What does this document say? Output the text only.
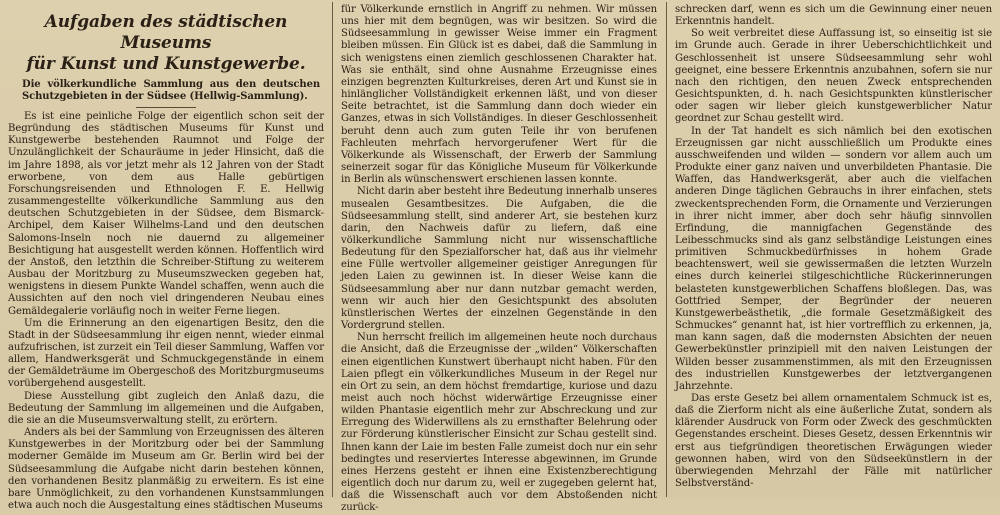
Aufgaben des städtischen Museums
für Kunst und Kunstgewerbe.
Die völkerkundliche Sammlung aus den deutschen Schutzgebieten in der Südsee (Hellwig-Sammlung).

Es ist eine peinliche Folge der eigentlich schon seit der Begründung des städtischen Museums für Kunst und Kunstgewerbe bestehenden Raumnot und Folge der Unzulänglichkeit der Schauräume in jeder Hinsicht, daß die im Jahre 1898, als vor jetzt mehr als 12 Jahren von der Stadt erworbene, von dem aus Halle gebürtigen Forschungsreisenden und Ethnologen F. E. Hellwig zusammengestellte völkerkundliche Sammlung aus den deutschen Schutzgebieten in der Südsee, dem Bismarck-Archipel, dem Kaiser Wilhelms-Land und den deutschen Salomons-Inseln noch nie dauernd zu allgemeiner Besichtigung hat ausgestellt werden können. Hoffentlich wird der Anstoß, den letzthin die Schreiber-Stiftung zu weiterem Ausbau der Moritzburg zu Museumszwecken gegeben hat, wenigstens in diesem Punkte Wandel schaffen, wenn auch die Aussichten auf den noch viel dringenderen Neubau eines Gemäldegalerie vorläufig noch in weiter Ferne liegen.

Um die Erinnerung an den eigenartigen Besitz, den die Stadt in der Südseesammlung ihr eigen nennt, wieder einmal aufzufrischen, ist zurzeit ein Teil dieser Sammlung, Waffen vor allem, Handwerksgerät und Schmuckgegenstände in einem der Gemäldeträume im Obergeschoß des Moritzburgmuseums vorübergehend ausgestellt.

Diese Ausstellung gibt zugleich den Anlaß dazu, die Bedeutung der Sammlung im allgemeinen und die Aufgaben, die sie an die Museumsverwaltung stellt, zu erörtern.

Anders als bei der Sammlung von Erzeugnissen des älteren Kunstgewerbes in der Moritzburg oder bei der Sammlung moderner Gemälde im Museum am Gr. Berlin wird bei der Südseesammlung die Aufgabe nicht darin bestehen können, den vorhandenen Besitz planmäßig zu erweitern. Es ist eine bare Unmöglichkeit, zu den vorhandenen Kunstsammlungen etwa auch noch die Ausgestaltung eines städtischen Museums

für Völkerkunde ernstlich in Angriff zu nehmen. Wir müssen uns hier mit dem begnügen, was wir besitzen. So wird die Südseesammlung in gewisser Weise immer ein Fragment bleiben müssen. Ein Glück ist es dabei, daß die Sammlung in sich wenigstens einen ziemlich geschlossenen Charakter hat. Was sie enthält, sind ohne Ausnahme Erzeugnisse eines einzigen begrenzten Kulturkreises, deren Art und Kunst sie in hinlänglicher Vollständigkeit erkennen läßt, und von dieser Seite betrachtet, ist die Sammlung dann doch wieder ein Ganzes, etwas in sich Vollständiges. In dieser Geschlossenheit beruht denn auch zum guten Teile ihr von berufenen Fachleuten mehrfach hervorgerufener Wert für die Völkerkunde als Wissenschaft, der Erwerb der Sammlung seinerzeit sogar für das Königliche Museum für Völkerkunde in Berlin als wünschenswert erschienen lassen konnte.

Nicht darin aber besteht ihre Bedeutung innerhalb unseres musealen Gesamtbesitzes. Die Aufgaben, die die Südseesammlung stellt, sind anderer Art, sie bestehen kurz darin, den Nachweis dafür zu liefern, daß eine völkerkundliche Sammlung nicht nur wissenschaftliche Bedeutung für den Spezialforscher hat, daß aus ihr vielmehr eine Fülle wertvoller allgemeiner geistiger Anregungen für jeden Laien zu gewinnen ist. In dieser Weise kann die Südseesammlung aber nur dann nutzbar gemacht werden, wenn wir auch hier den Gesichtspunkt des absoluten künstlerischen Wertes der einzelnen Gegenstände in den Vordergrund stellen.

Nun herrscht freilich im allgemeinen heute noch durchaus die Ansicht, daß die Erzeugnisse der „wilden“ Völkerschaften einen eigentlichen Kunstwert überhaupt nicht haben. Für den Laien pflegt ein völkerkundliches Museum in der Regel nur ein Ort zu sein, an dem höchst fremdartige, kuriose und dazu meist auch noch höchst widerwärtige Erzeugnisse einer wilden Phantasie eigentlich mehr zur Abschreckung und zur Erregung des Widerwillens als zu ernsthafter Belehrung oder zur Förderung künstlerischer Einsicht zur Schau gestellt sind. Ihnen kann der Laie im besten Falle zumeist doch nur ein sehr bedingtes und reserviertes Interesse abgewinnen, im Grunde eines Herzens gesteht er ihnen eine Existenzberechtigung eigentlich doch nur darum zu, weil er zugegeben gelernt hat, daß die Wissenschaft auch vor dem Abstoßenden nicht zurück-

schrecken darf, wenn es sich um die Gewinnung einer neuen Erkenntnis handelt.

So weit verbreitet diese Auffassung ist, so einseitig ist sie im Grunde auch. Gerade in ihrer Ueberschichtlichkeit und Geschlossenheit ist unsere Südseesammlung sehr wohl geeignet, eine bessere Erkenntnis anzubahnen, sofern sie nur nach den richtigen, den neuen Zweck entsprechenden Gesichtspunkten, d. h. nach Gesichtspunkten künstlerischer oder sagen wir lieber gleich kunstgewerblicher Natur geordnet zur Schau gestellt wird.

In der Tat handelt es sich nämlich bei den exotischen Erzeugnissen gar nicht ausschließlich um Produkte eines ausschweifenden und wilden — sondern vor allem auch um Produkte einer ganz naiven und unverbildeten Phantasie. Die Waffen, das Handwerksgerät, aber auch die vielfachen anderen Dinge täglichen Gebrauchs in ihrer einfachen, stets zweckentsprechenden Form, die Ornamente und Verzierungen in ihrer nicht immer, aber doch sehr häufig sinnvollen Erfindung, die mannigfachen Gegenstände des Leibesschmucks sind als ganz selbständige Leistungen eines primitiven Schmuckbedürfnisses in hohem Grade beachtenswert, weil sie gewissermaßen die letzten Wurzeln eines durch keinerlei stilgeschichtliche Rückerinnerungen belasteten kunstgewerblichen Schaffens bloßlegen. Das, was Gottfried Semper, der Begründer der neueren Kunstgewerbeästhetik, „die formale Gesetzmäßigkeit des Schmuckes“ genannt hat, ist hier vortrefflich zu erkennen, ja, man kann sagen, daß die modernsten Absichten der neuen Gewerbekünstler prinzipiell mit den naiven Leistungen der Wilden besser zusammenstimmen, als mit den Erzeugnissen des industriellen Kunstgewerbes der letztvergangenen Jahrzehnte.

Das erste Gesetz bei allem ornamentalem Schmuck ist es, daß die Zierform nicht als eine äußerliche Zutat, sondern als klärender Ausdruck von Form oder Zweck des geschmückten Gegenstandes erscheint. Dieses Gesetz, dessen Erkenntnis wir erst aus tiefgründigen theoretischen Erwägungen wieder gewonnen haben, wird von den Südseekünstlern in der überwiegenden Mehrzahl der Fälle mit natürlicher Selbstverständ-
